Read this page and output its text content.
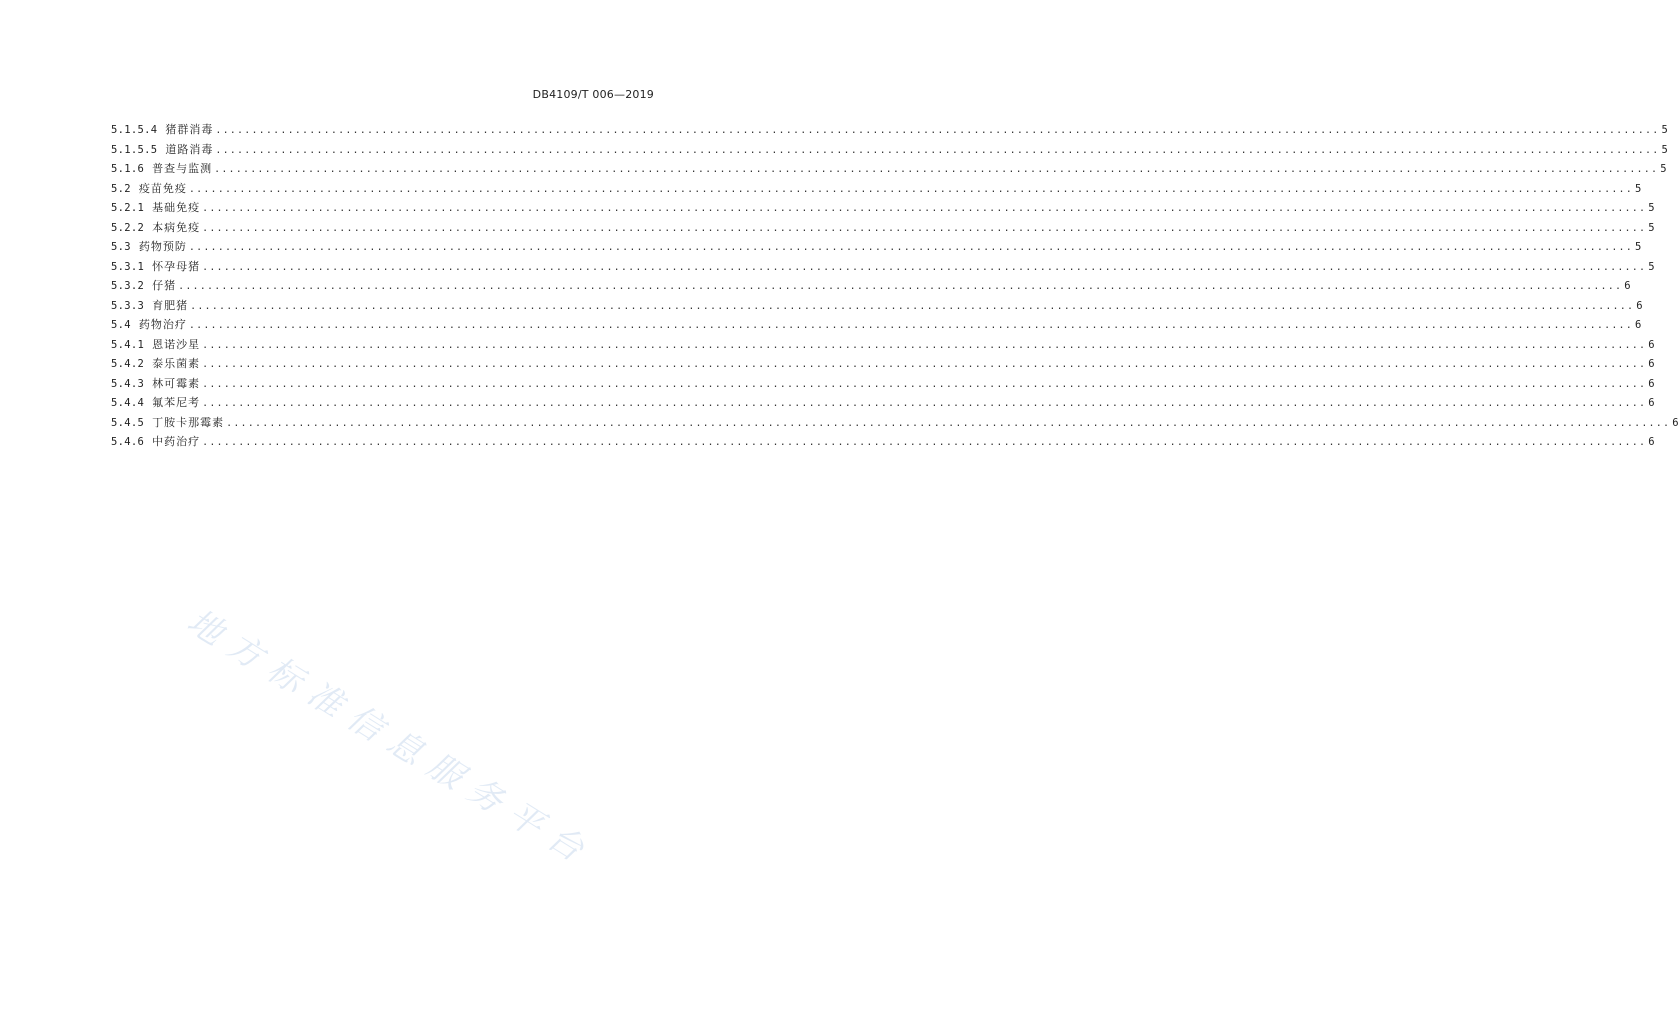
DB4109/T 006—2019
5.1.5.4 猪群消毒 ........................................................................................................................................................................................................ 5
5.1.5.5 道路消毒 ........................................................................................................................................................................................................ 5
5.1.6 普查与监测 ........................................................................................................................................................................................................ 5
5.2 疫苗免疫 ........................................................................................................................................................................................................ 5
5.2.1 基础免疫 ........................................................................................................................................................................................................ 5
5.2.2 本病免疫 ........................................................................................................................................................................................................ 5
5.3 药物预防 ........................................................................................................................................................................................................ 5
5.3.1 怀孕母猪 ........................................................................................................................................................................................................ 5
5.3.2 仔猪 ........................................................................................................................................................................................................ 6
5.3.3 育肥猪 ........................................................................................................................................................................................................ 6
5.4 药物治疗 ........................................................................................................................................................................................................ 6
5.4.1 恩诺沙星 ........................................................................................................................................................................................................ 6
5.4.2 泰乐菌素 ........................................................................................................................................................................................................ 6
5.4.3 林可霉素 ........................................................................................................................................................................................................ 6
5.4.4 氟苯尼考 ........................................................................................................................................................................................................ 6
5.4.5 丁胺卡那霉素 ........................................................................................................................................................................................................ 6
5.4.6 中药治疗 ........................................................................................................................................................................................................ 6
地
方
标
准
信
息
服
务
平
台
